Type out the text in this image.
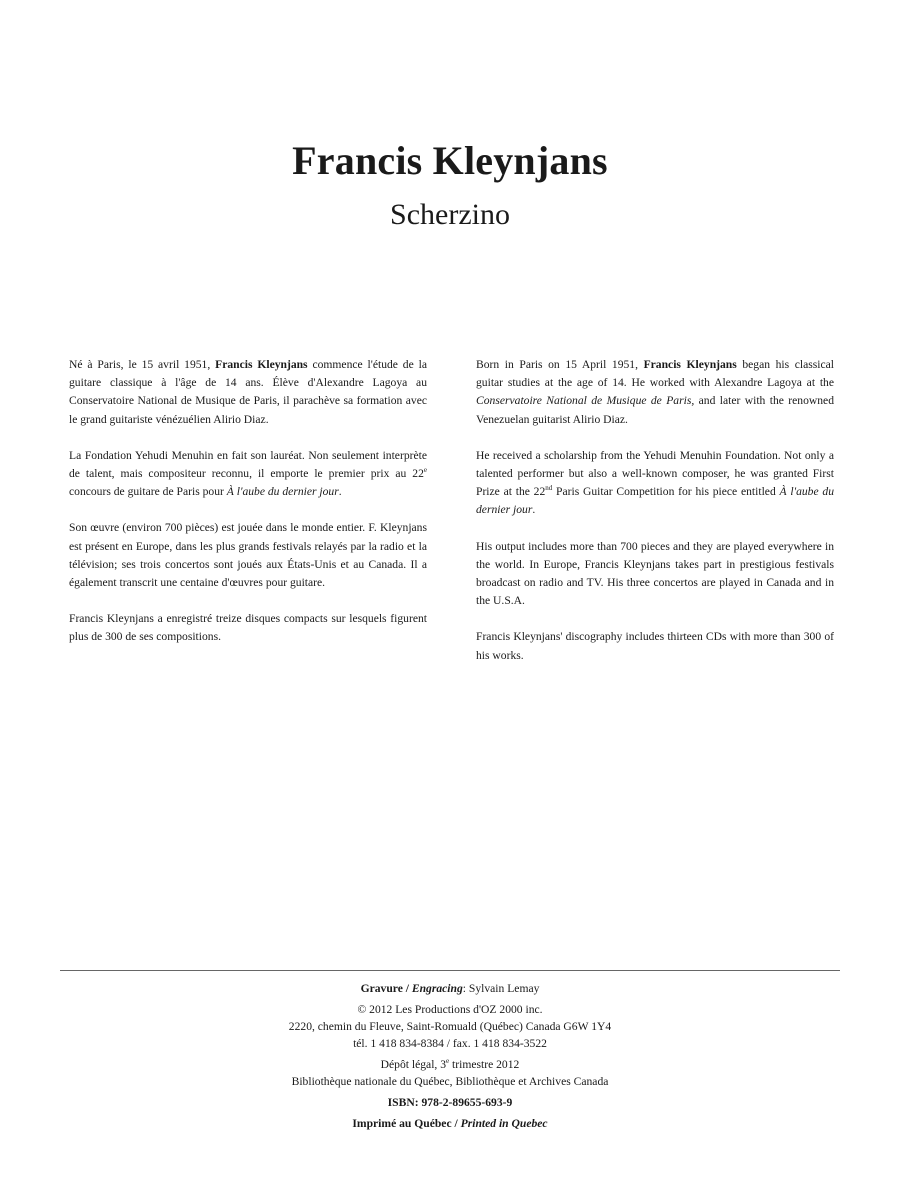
Francis Kleynjans
Scherzino

Né à Paris, le 15 avril 1951, Francis Kleynjans commence l'étude de la guitare classique à l'âge de 14 ans. Élève d'Alexandre Lagoya au Conservatoire National de Musique de Paris, il parachève sa formation avec le grand guitariste vénézuélien Alirio Diaz.

La Fondation Yehudi Menuhin en fait son lauréat. Non seulement interprète de talent, mais compositeur reconnu, il emporte le premier prix au 22e concours de guitare de Paris pour À l'aube du dernier jour.

Son œuvre (environ 700 pièces) est jouée dans le monde entier. F. Kleynjans est présent en Europe, dans les plus grands festivals relayés par la radio et la télévision; ses trois concertos sont joués aux États-Unis et au Canada. Il a également transcrit une centaine d'œuvres pour guitare.

Francis Kleynjans a enregistré treize disques compacts sur lesquels figurent plus de 300 de ses compositions.

Born in Paris on 15 April 1951, Francis Kleynjans began his classical guitar studies at the age of 14. He worked with Alexandre Lagoya at the Conservatoire National de Musique de Paris, and later with the renowned Venezuelan guitarist Alirio Diaz.

He received a scholarship from the Yehudi Menuhin Foundation. Not only a talented performer but also a well-known composer, he was granted First Prize at the 22nd Paris Guitar Competition for his piece entitled À l'aube du dernier jour.

His output includes more than 700 pieces and they are played everywhere in the world. In Europe, Francis Kleynjans takes part in prestigious festivals broadcast on radio and TV. His three concertos are played in Canada and in the U.S.A.

Francis Kleynjans' discography includes thirteen CDs with more than 300 of his works.

Gravure / Engracing: Sylvain Lemay
© 2012 Les Productions d'OZ 2000 inc.
2220, chemin du Fleuve, Saint-Romuald (Québec) Canada G6W 1Y4
tél. 1 418 834-8384 / fax. 1 418 834-3522
Dépôt légal, 3e trimestre 2012
Bibliothèque nationale du Québec, Bibliothèque et Archives Canada
ISBN: 978-2-89655-693-9
Imprimé au Québec / Printed in Quebec
